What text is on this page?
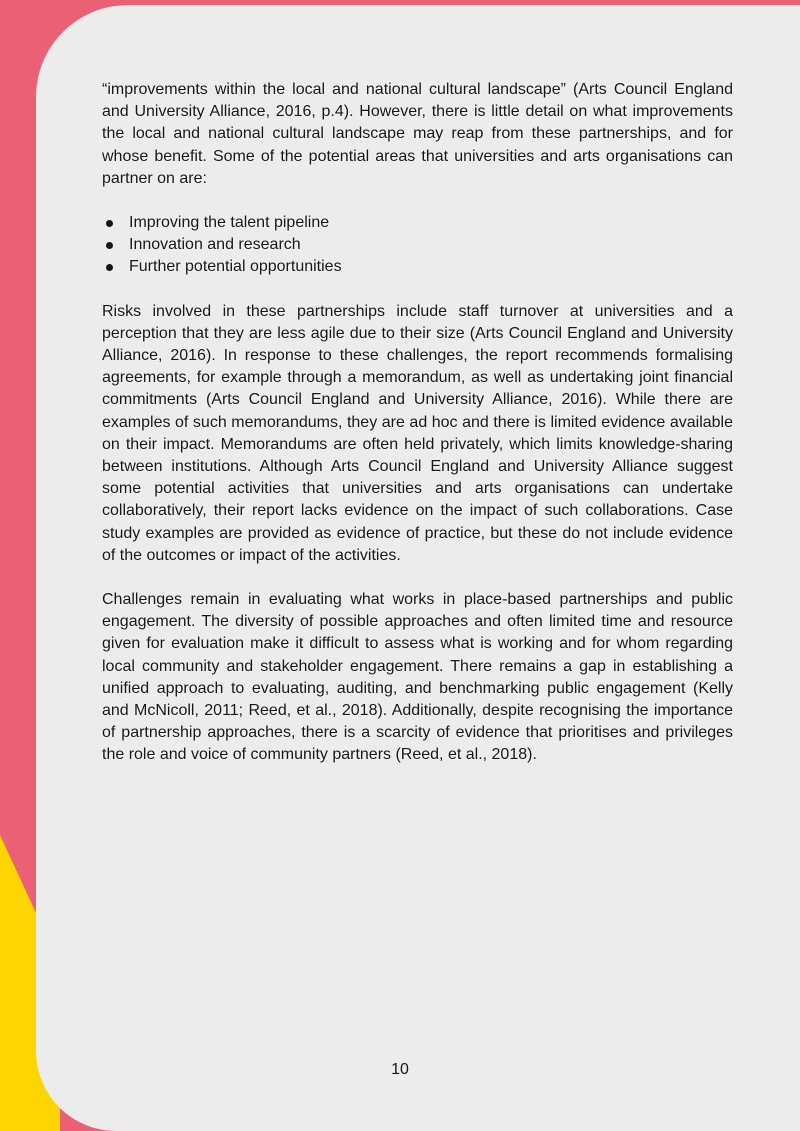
“improvements within the local and national cultural landscape” (Arts Council England and University Alliance, 2016, p.4). However, there is little detail on what improvements the local and national cultural landscape may reap from these partnerships, and for whose benefit. Some of the potential areas that universities and arts organisations can partner on are:

Improving the talent pipeline
Innovation and research
Further potential opportunities

Risks involved in these partnerships include staff turnover at universities and a perception that they are less agile due to their size (Arts Council England and University Alliance, 2016). In response to these challenges, the report recommends formalising agreements, for example through a memorandum, as well as undertaking joint financial commitments (Arts Council England and University Alliance, 2016). While there are examples of such memorandums, they are ad hoc and there is limited evidence available on their impact. Memorandums are often held privately, which limits knowledge-sharing between institutions. Although Arts Council England and University Alliance suggest some potential activities that universities and arts organisations can undertake collaboratively, their report lacks evidence on the impact of such collaborations. Case study examples are provided as evidence of practice, but these do not include evidence of the outcomes or impact of the activities.

Challenges remain in evaluating what works in place-based partnerships and public engagement. The diversity of possible approaches and often limited time and resource given for evaluation make it difficult to assess what is working and for whom regarding local community and stakeholder engagement. There remains a gap in establishing a unified approach to evaluating, auditing, and benchmarking public engagement (Kelly and McNicoll, 2011; Reed, et al., 2018). Additionally, despite recognising the importance of partnership approaches, there is a scarcity of evidence that prioritises and privileges the role and voice of community partners (Reed, et al., 2018).

10
